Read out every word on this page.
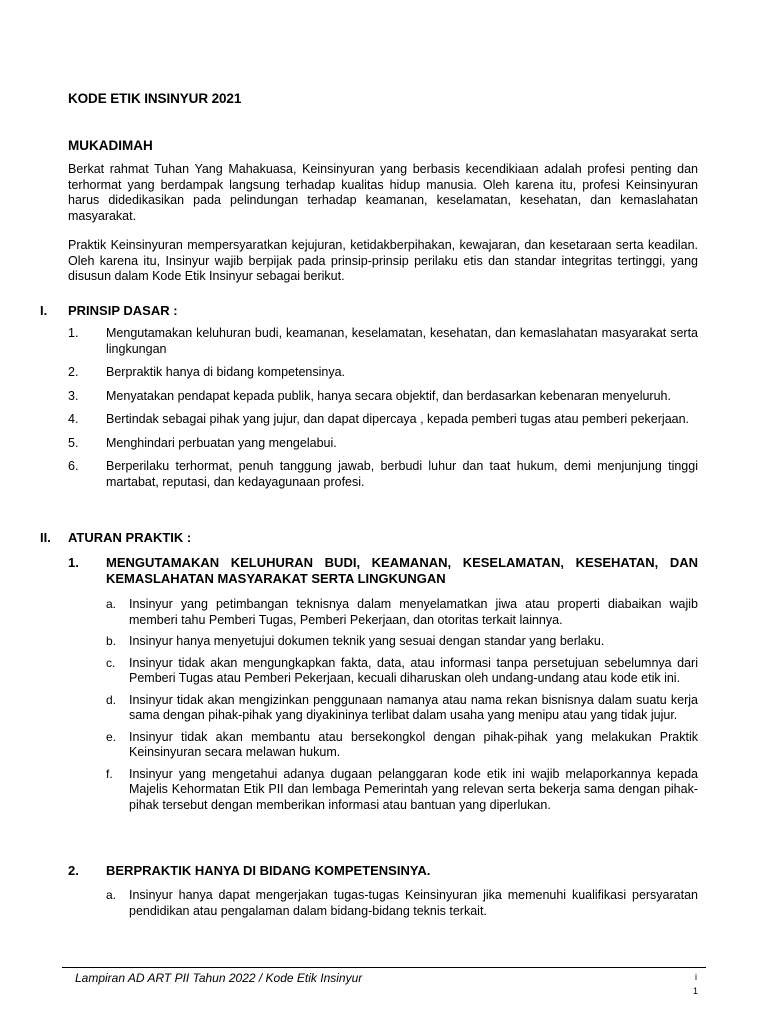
KODE ETIK INSINYUR 2021
MUKADIMAH
Berkat rahmat Tuhan Yang Mahakuasa, Keinsinyuran yang berbasis kecendikiaan adalah profesi penting dan terhormat yang berdampak langsung terhadap kualitas hidup manusia. Oleh karena itu, profesi Keinsinyuran harus didedikasikan pada pelindungan terhadap keamanan, keselamatan, kesehatan, dan kemaslahatan masyarakat.
Praktik Keinsinyuran mempersyaratkan kejujuran, ketidakberpihakan, kewajaran, dan kesetaraan serta keadilan. Oleh karena itu, Insinyur wajib berpijak pada prinsip-prinsip perilaku etis dan standar integritas tertinggi, yang disusun dalam Kode Etik Insinyur sebagai berikut.
I. PRINSIP DASAR :
1. Mengutamakan keluhuran budi, keamanan, keselamatan, kesehatan, dan kemaslahatan masyarakat serta lingkungan
2. Berpraktik hanya di bidang kompetensinya.
3. Menyatakan pendapat kepada publik, hanya secara objektif, dan berdasarkan kebenaran menyeluruh.
4. Bertindak sebagai pihak yang jujur, dan dapat dipercaya , kepada pemberi tugas atau pemberi pekerjaan.
5. Menghindari perbuatan yang mengelabui.
6. Berperilaku terhormat, penuh tanggung jawab, berbudi luhur dan taat hukum, demi menjunjung tinggi martabat, reputasi, dan kedayagunaan profesi.
II. ATURAN PRAKTIK :
1.	MENGUTAMAKAN KELUHURAN BUDI, KEAMANAN, KESELAMATAN, KESEHATAN, DAN KEMASLAHATAN MASYARAKAT SERTA LINGKUNGAN
a. Insinyur yang petimbangan teknisnya dalam menyelamatkan jiwa atau properti diabaikan wajib memberi tahu Pemberi Tugas, Pemberi Pekerjaan, dan otoritas terkait lainnya.
b. Insinyur hanya menyetujui dokumen teknik yang sesuai dengan standar yang berlaku.
c. Insinyur tidak akan mengungkapkan fakta, data, atau informasi tanpa persetujuan sebelumnya dari Pemberi Tugas atau Pemberi Pekerjaan, kecuali diharuskan oleh undang-undang atau kode etik ini.
d. Insinyur tidak akan mengizinkan penggunaan namanya atau nama rekan bisnisnya dalam suatu kerja sama dengan pihak-pihak yang diyakininya terlibat dalam usaha yang menipu atau yang tidak jujur.
e. Insinyur tidak akan membantu atau bersekongkol dengan pihak-pihak yang melakukan Praktik Keinsinyuran secara melawan hukum.
f. Insinyur yang mengetahui adanya dugaan pelanggaran kode etik ini wajib melaporkannya kepada Majelis Kehormatan Etik PII dan lembaga Pemerintah yang relevan serta bekerja sama dengan pihak-pihak tersebut dengan memberikan informasi atau bantuan yang diperlukan.
2.	BERPRAKTIK HANYA DI BIDANG KOMPETENSINYA.
a. Insinyur hanya dapat mengerjakan tugas-tugas Keinsinyuran jika memenuhi kualifikasi persyaratan pendidikan atau pengalaman dalam bidang-bidang teknis terkait.
Lampiran AD ART PII Tahun 2022 / Kode Etik Insinyur	i
1
